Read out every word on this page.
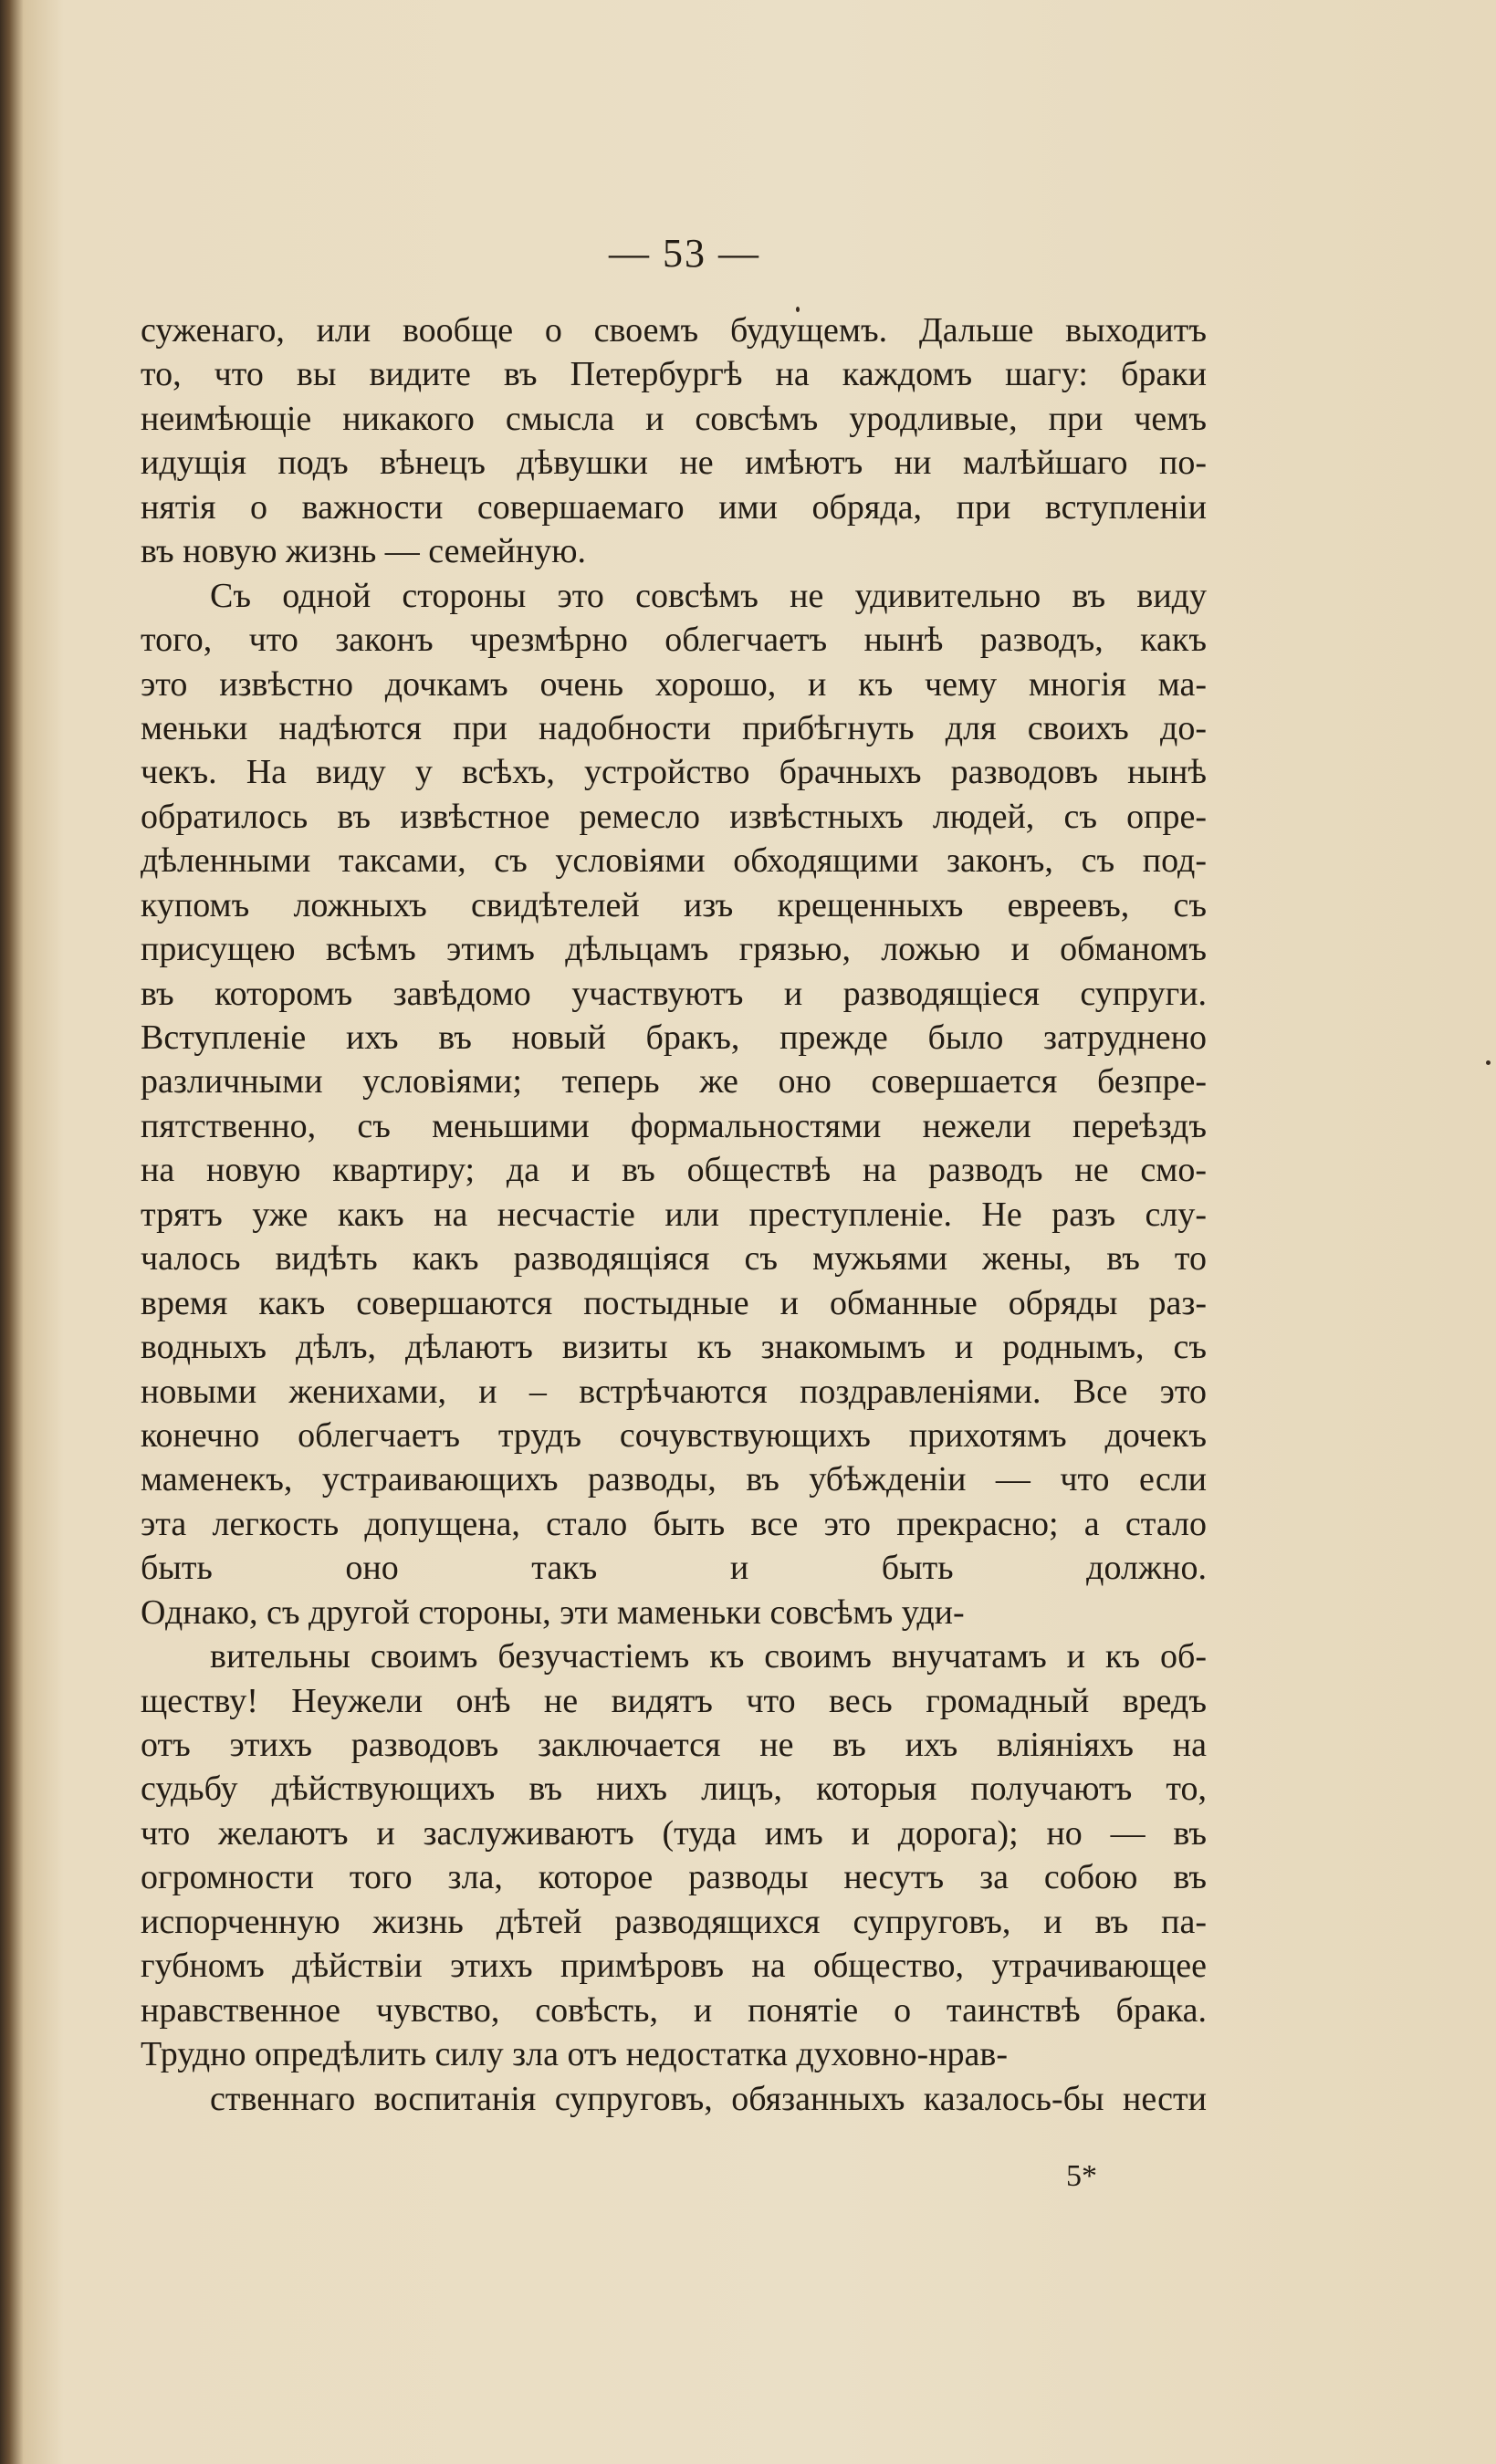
— 53 —
суженаго, или вообще о своемъ будущемъ. Дальше выходитъ
то, что вы видите въ Петербургѣ на каждомъ шагу: браки
неимѣющіе никакого смысла и совсѣмъ уродливые, при чемъ
идущія подъ вѣнецъ дѣвушки не имѣютъ ни малѣйшаго по-
нятія о важности совершаемаго ими обряда, при вступленіи
въ новую жизнь — семейную.
Съ одной стороны это совсѣмъ не удивительно въ виду
того, что законъ чрезмѣрно облегчаетъ нынѣ разводъ, какъ
это извѣстно дочкамъ очень хорошо, и къ чему многія ма-
меньки надѣются при надобности прибѣгнуть для своихъ до-
чекъ. На виду у всѣхъ, устройство брачныхъ разводовъ нынѣ
обратилось въ извѣстное ремесло извѣстныхъ людей, съ опре-
дѣленными таксами, съ условіями обходящими законъ, съ под-
купомъ ложныхъ свидѣтелей изъ крещенныхъ евреевъ, съ
присущею всѣмъ этимъ дѣльцамъ грязью, ложью и обманомъ
въ которомъ завѣдомо участвуютъ и разводящіеся супруги.
Вступленіе ихъ въ новый бракъ, прежде было затруднено
различными условіями; теперь же оно совершается безпре-
пятственно, съ меньшими формальностями нежели переѣздъ
на новую квартиру; да и въ обществѣ на разводъ не смо-
трятъ уже какъ на несчастіе или преступленіе. Не разъ слу-
чалось видѣть какъ разводящіяся съ мужьями жены, въ то
время какъ совершаются постыдные и обманные обряды раз-
водныхъ дѣлъ, дѣлаютъ визиты къ знакомымъ и роднымъ, съ
новыми женихами, и – встрѣчаются поздравленіями. Все это
конечно облегчаетъ трудъ сочувствующихъ прихотямъ дочекъ
маменекъ, устраивающихъ разводы, въ убѣжденіи — что если
эта легкость допущена, стало быть все это прекрасно; а стало
быть оно такъ и быть должно.
Однако, съ другой стороны, эти маменьки совсѣмъ уди-
вительны своимъ безучастіемъ къ своимъ внучатамъ и къ об-
ществу! Неужели онѣ не видятъ что весь громадный вредъ
отъ этихъ разводовъ заключается не въ ихъ вліяніяхъ на
судьбу дѣйствующихъ въ нихъ лицъ, которыя получаютъ то,
что желаютъ и заслуживаютъ (туда имъ и дорога); но — въ
огромности того зла, которое разводы несутъ за собою въ
испорченную жизнь дѣтей разводящихся супруговъ, и въ па-
губномъ дѣйствіи этихъ примѣровъ на общество, утрачивающее
нравственное чувство, совѣсть, и понятіе о таинствѣ брака.
Трудно опредѣлить силу зла отъ недостатка духовно-нрав-
ственнаго воспитанія супруговъ, обязанныхъ казалось-бы нести
5*
